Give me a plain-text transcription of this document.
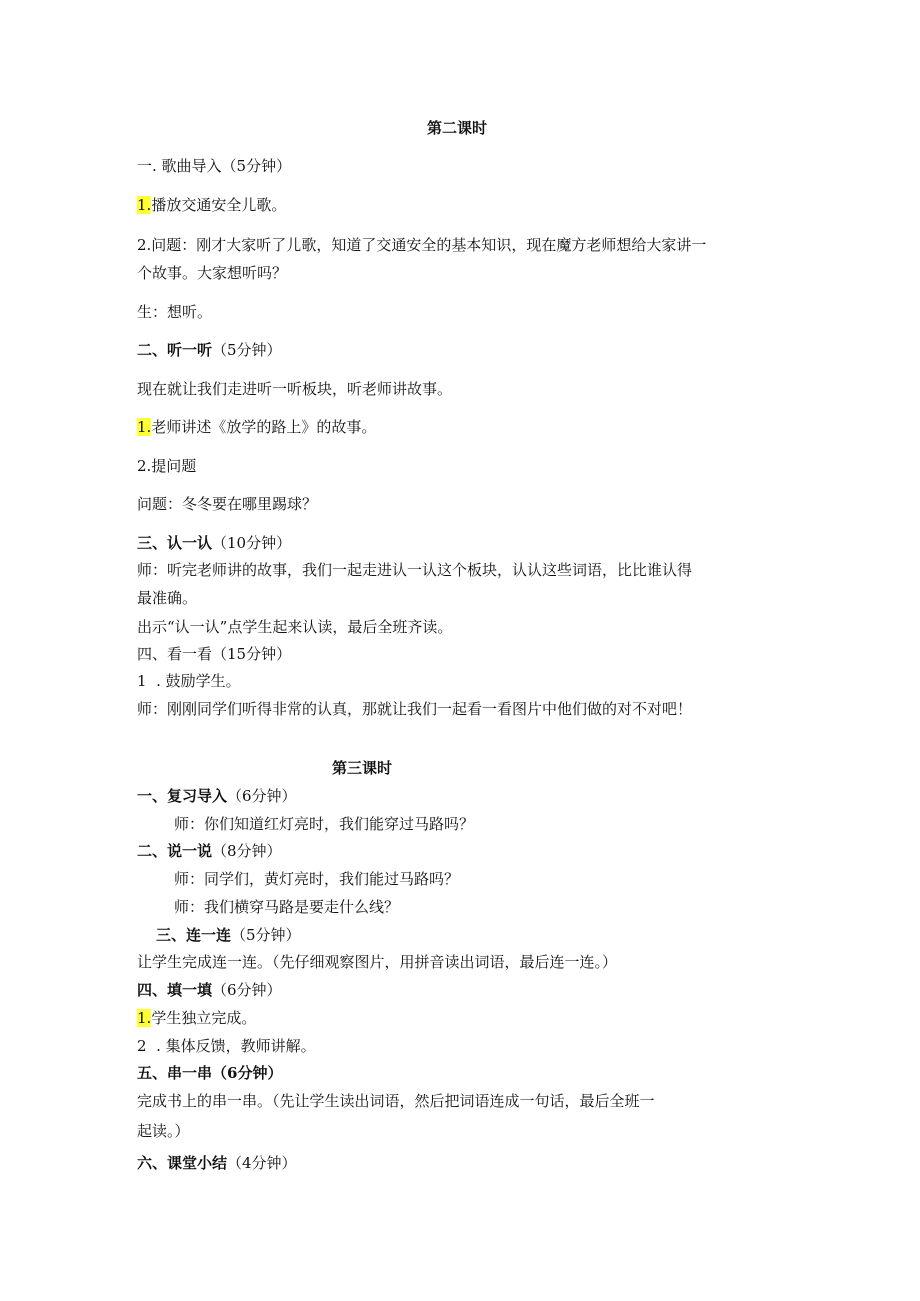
第二课时
一. 歌曲导入（5分钟）
1.播放交通安全儿歌。
2.问题：刚才大家听了儿歌，知道了交通安全的基本知识，现在魔方老师想给大家讲一
个故事。大家想听吗？
生：想听。
二、听一听（5分钟）
现在就让我们走进听一听板块，听老师讲故事。
1.老师讲述《放学的路上》的故事。
2.提问题
问题：冬冬要在哪里踢球？
三、认一认（10分钟）
师：听完老师讲的故事，我们一起走进认一认这个板块，认认这些词语，比比谁认得
最准确。
出示“认一认”点学生起来认读，最后全班齐读。
四、看一看（15分钟）
1  . 鼓励学生。
师：刚刚同学们听得非常的认真，那就让我们一起看一看图片中他们做的对不对吧！
第三课时
一、复习导入（6分钟）
师：你们知道红灯亮时，我们能穿过马路吗？
二、说一说（8分钟）
师：同学们，黄灯亮时，我们能过马路吗？
师：我们横穿马路是要走什么线？
三、连一连（5分钟）
让学生完成连一连。（先仔细观察图片，用拼音读出词语，最后连一连。）
四、填一填（6分钟）
1.学生独立完成。
2  . 集体反馈，教师讲解。
五、串一串（6分钟）
完成书上的串一串。（先让学生读出词语，然后把词语连成一句话，最后全班一
起读。）
六、课堂小结（4分钟）
